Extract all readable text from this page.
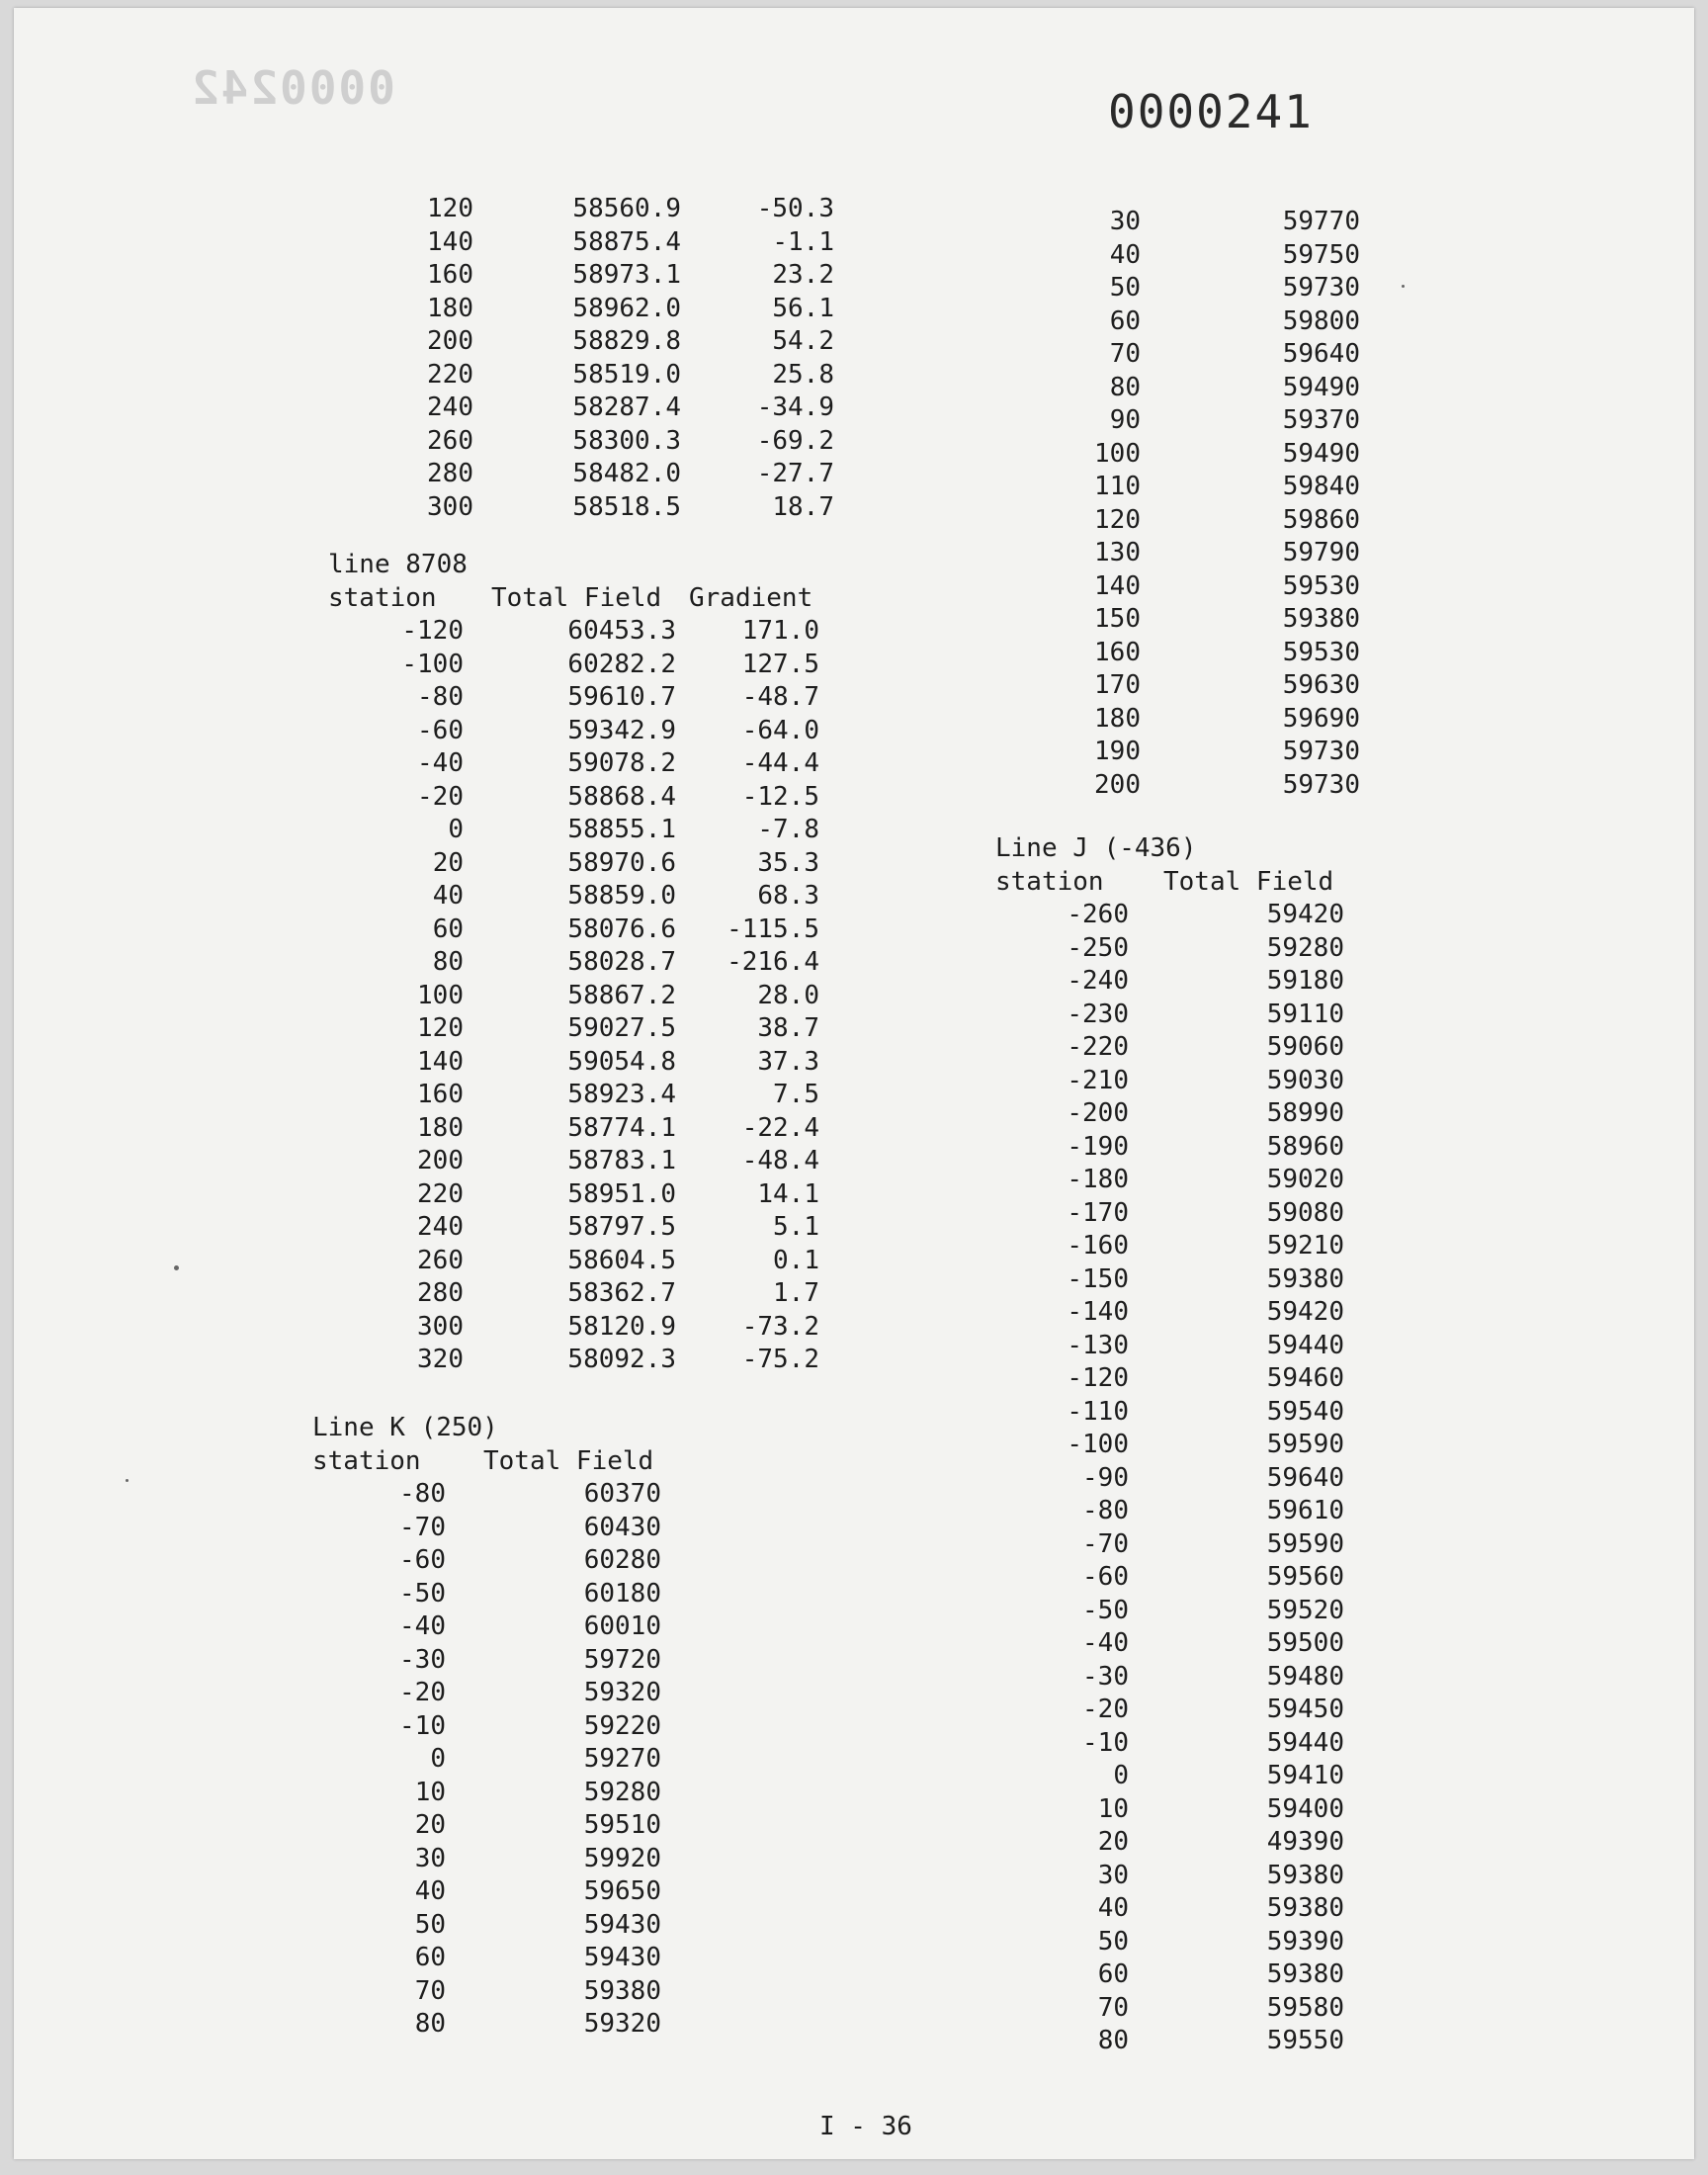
0000242	0000241
120	58560.9	-50.3
140	58875.4	-1.1
160	58973.1	23.2
180	58962.0	56.1
200	58829.8	54.2
220	58519.0	25.8
240	58287.4	-34.9
260	58300.3	-69.2
280	58482.0	-27.7
300	58518.5	18.7
line 8708
station	Total Field	Gradient
-120	60453.3	171.0
-100	60282.2	127.5
-80	59610.7	-48.7
-60	59342.9	-64.0
-40	59078.2	-44.4
-20	58868.4	-12.5
0	58855.1	-7.8
20	58970.6	35.3
40	58859.0	68.3
60	58076.6	-115.5
80	58028.7	-216.4
100	58867.2	28.0
120	59027.5	38.7
140	59054.8	37.3
160	58923.4	7.5
180	58774.1	-22.4
200	58783.1	-48.4
220	58951.0	14.1
240	58797.5	5.1
260	58604.5	0.1
280	58362.7	1.7
300	58120.9	-73.2
320	58092.3	-75.2
Line K (250)
station	Total Field
-80	60370
-70	60430
-60	60280
-50	60180
-40	60010
-30	59720
-20	59320
-10	59220
0	59270
10	59280
20	59510
30	59920
40	59650
50	59430
60	59430
70	59380
80	59320
30	59770
40	59750
50	59730
60	59800
70	59640
80	59490
90	59370
100	59490
110	59840
120	59860
130	59790
140	59530
150	59380
160	59530
170	59630
180	59690
190	59730
200	59730
Line J (-436)
station	Total Field
-260	59420
-250	59280
-240	59180
-230	59110
-220	59060
-210	59030
-200	58990
-190	58960
-180	59020
-170	59080
-160	59210
-150	59380
-140	59420
-130	59440
-120	59460
-110	59540
-100	59590
-90	59640
-80	59610
-70	59590
-60	59560
-50	59520
-40	59500
-30	59480
-20	59450
-10	59440
0	59410
10	59400
20	49390
30	59380
40	59380
50	59390
60	59380
70	59580
80	59550
I - 36
